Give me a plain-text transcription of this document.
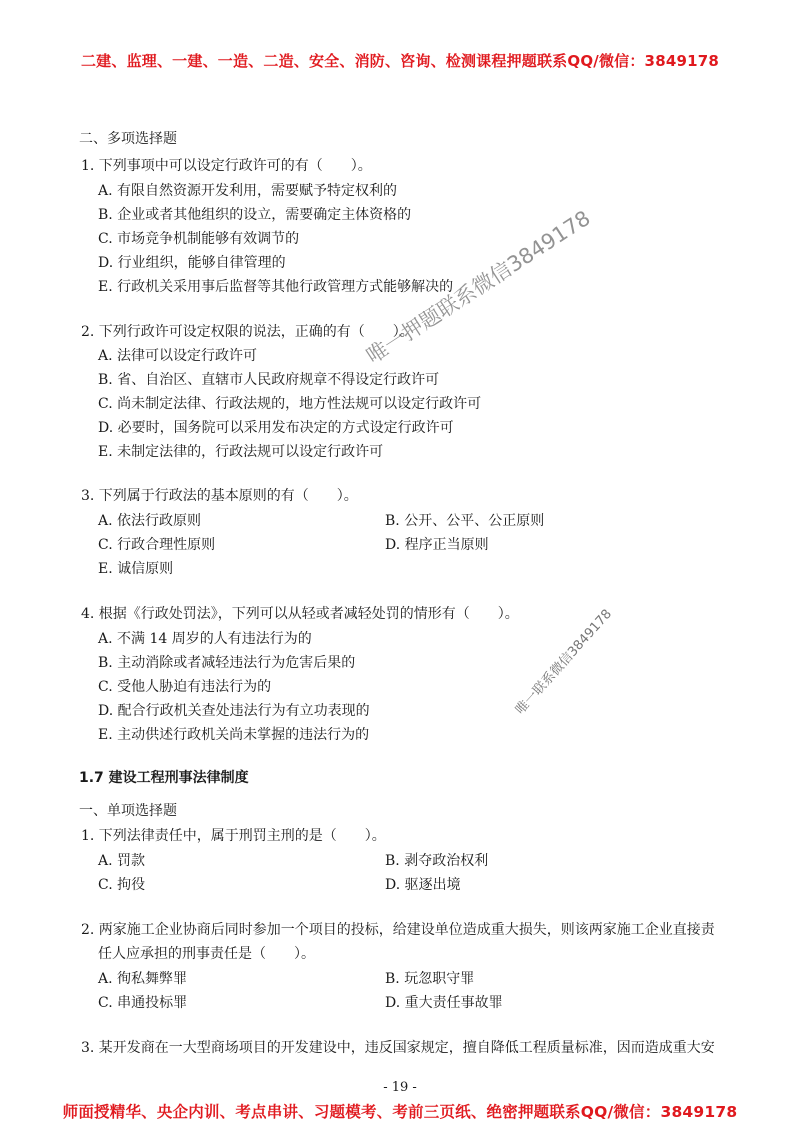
二建、监理、一建、一造、二造、安全、消防、咨询、检测课程押题联系QQ/微信：3849178
二、多项选择题
1. 下列事项中可以设定行政许可的有（　　）。
A. 有限自然资源开发利用，需要赋予特定权利的
B. 企业或者其他组织的设立，需要确定主体资格的
C. 市场竞争机制能够有效调节的
D. 行业组织，能够自律管理的
E. 行政机关采用事后监督等其他行政管理方式能够解决的
2. 下列行政许可设定权限的说法，正确的有（　　）。
A. 法律可以设定行政许可
B. 省、自治区、直辖市人民政府规章不得设定行政许可
C. 尚未制定法律、行政法规的，地方性法规可以设定行政许可
D. 必要时，国务院可以采用发布决定的方式设定行政许可
E. 未制定法律的，行政法规可以设定行政许可
3. 下列属于行政法的基本原则的有（　　）。
A. 依法行政原则	B. 公开、公平、公正原则
C. 行政合理性原则	D. 程序正当原则
E. 诚信原则
4. 根据《行政处罚法》，下列可以从轻或者减轻处罚的情形有（　　）。
A. 不满 14 周岁的人有违法行为的
B. 主动消除或者减轻违法行为危害后果的
C. 受他人胁迫有违法行为的
D. 配合行政机关查处违法行为有立功表现的
E. 主动供述行政机关尚未掌握的违法行为的
1.7 建设工程刑事法律制度
一、单项选择题
1. 下列法律责任中，属于刑罚主刑的是（　　）。
A. 罚款	B. 剥夺政治权利
C. 拘役	D. 驱逐出境
2. 两家施工企业协商后同时参加一个项目的投标，给建设单位造成重大损失，则该两家施工企业直接责
任人应承担的刑事责任是（　　）。
A. 徇私舞弊罪	B. 玩忽职守罪
C. 串通投标罪	D. 重大责任事故罪
3. 某开发商在一大型商场项目的开发建设中，违反国家规定，擅自降低工程质量标准，因而造成重大安
唯一押题联系微信3849178
唯一联系微信3849178
- 19 -
师面授精华、央企内训、考点串讲、习题模考、考前三页纸、绝密押题联系QQ/微信：3849178
